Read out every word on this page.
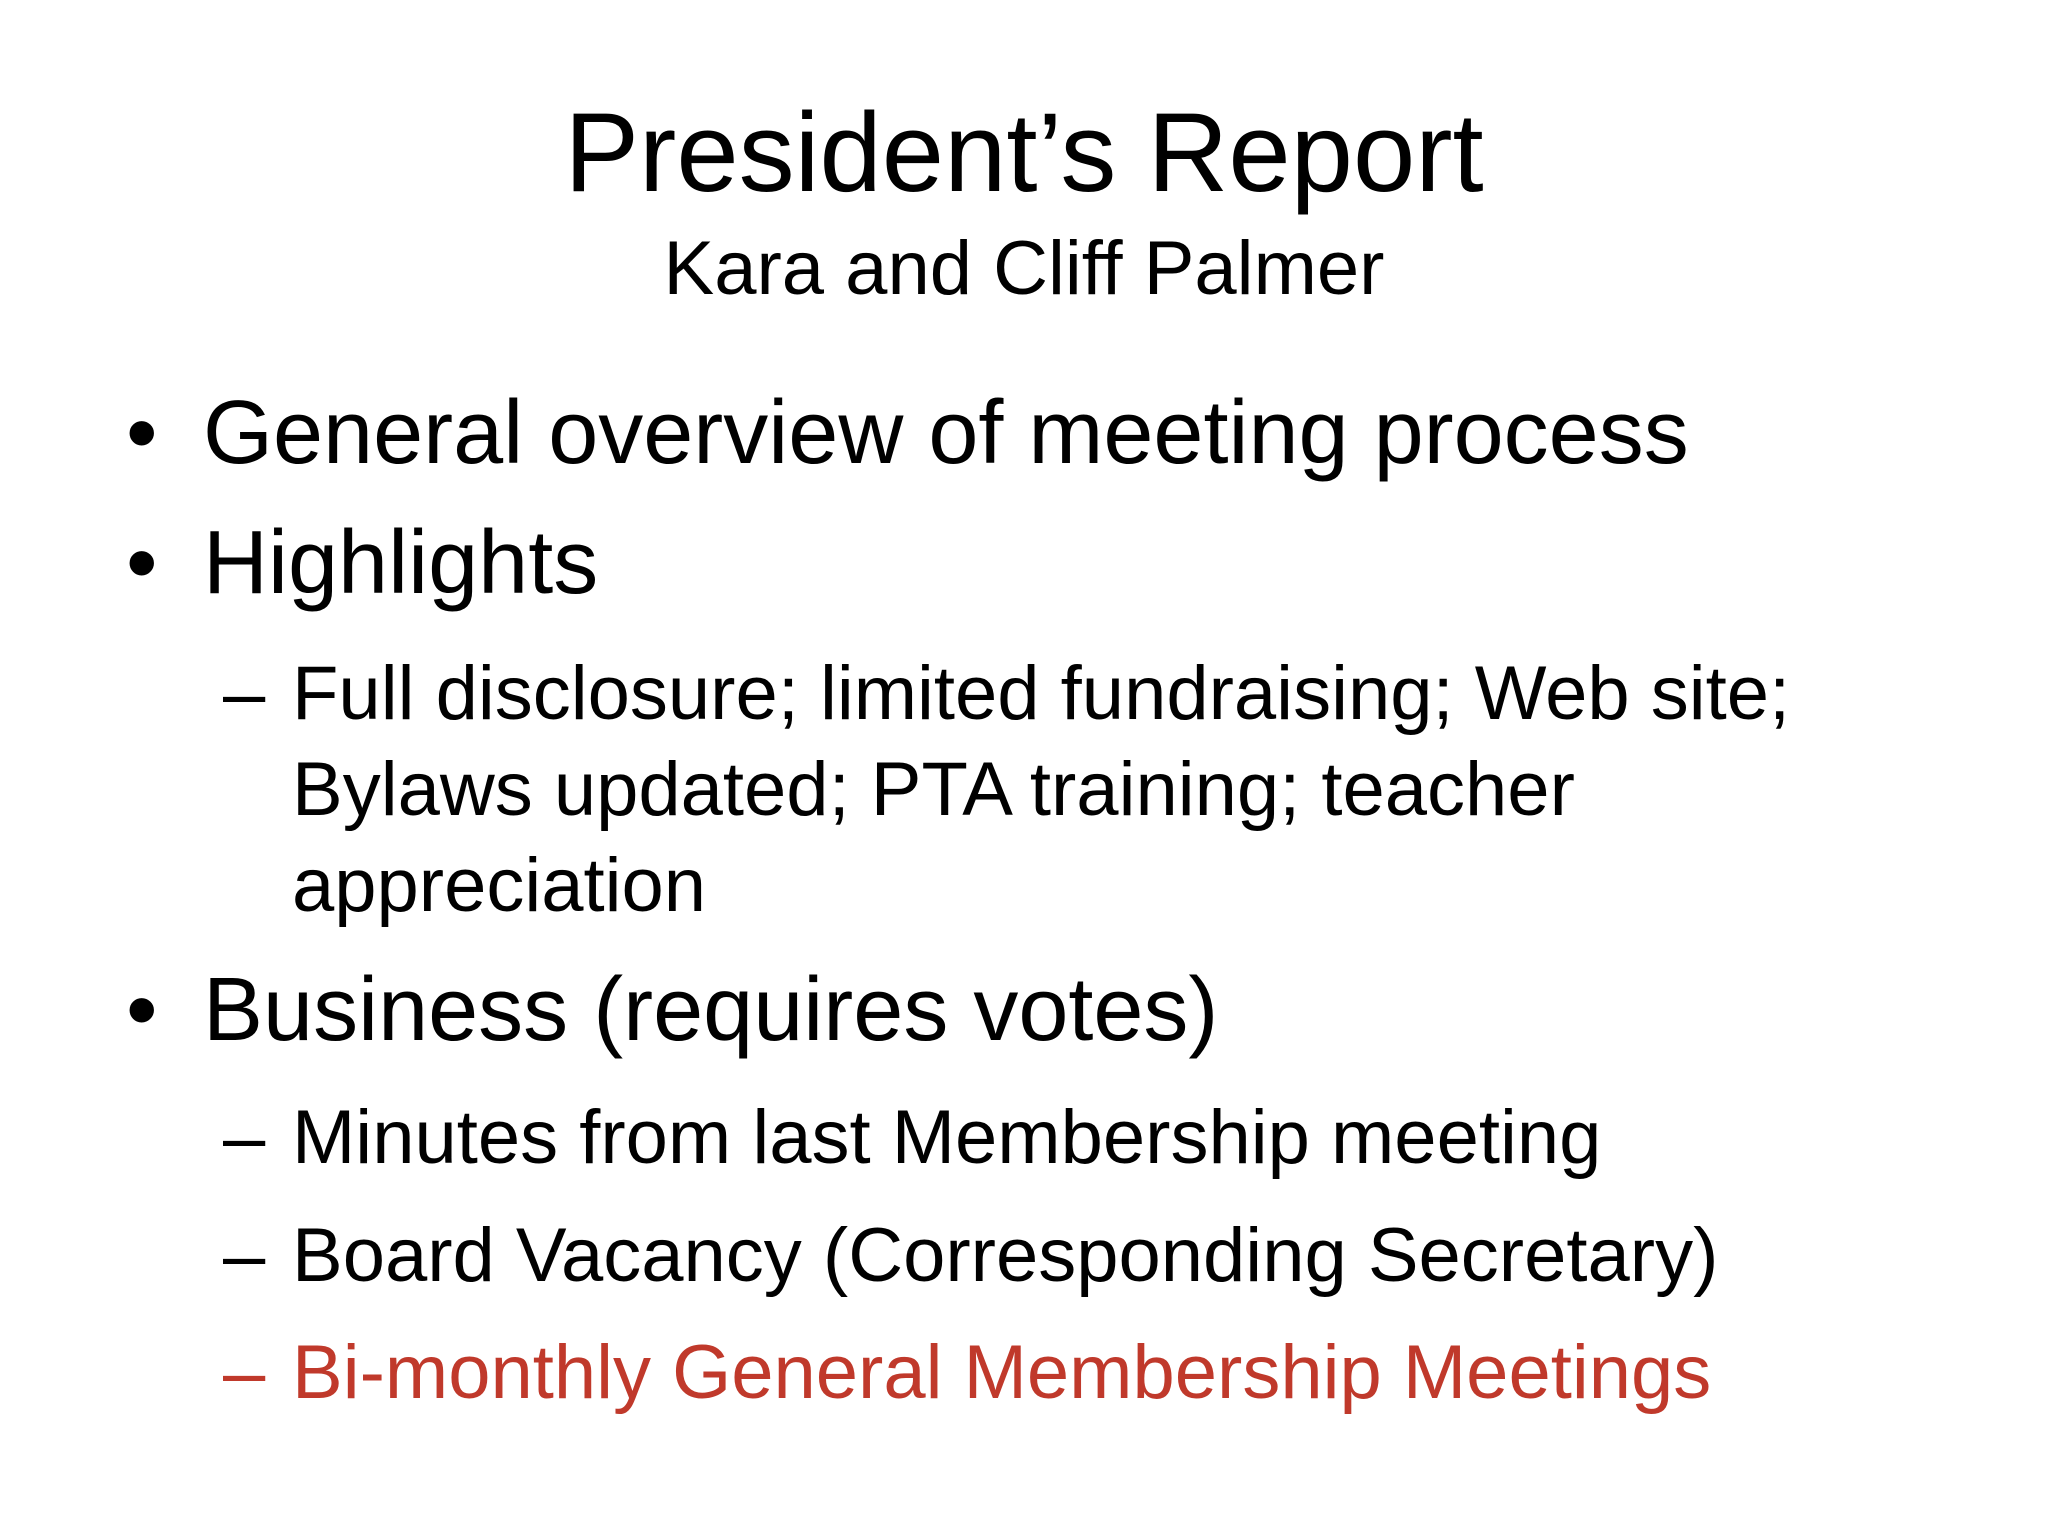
President’s Report
Kara and Cliff Palmer
• General overview of meeting process
• Highlights
– Full disclosure; limited fundraising; Web site; Bylaws updated; PTA training; teacher appreciation
• Business (requires votes)
– Minutes from last Membership meeting
– Board Vacancy (Corresponding Secretary)
– Bi-monthly General Membership Meetings
